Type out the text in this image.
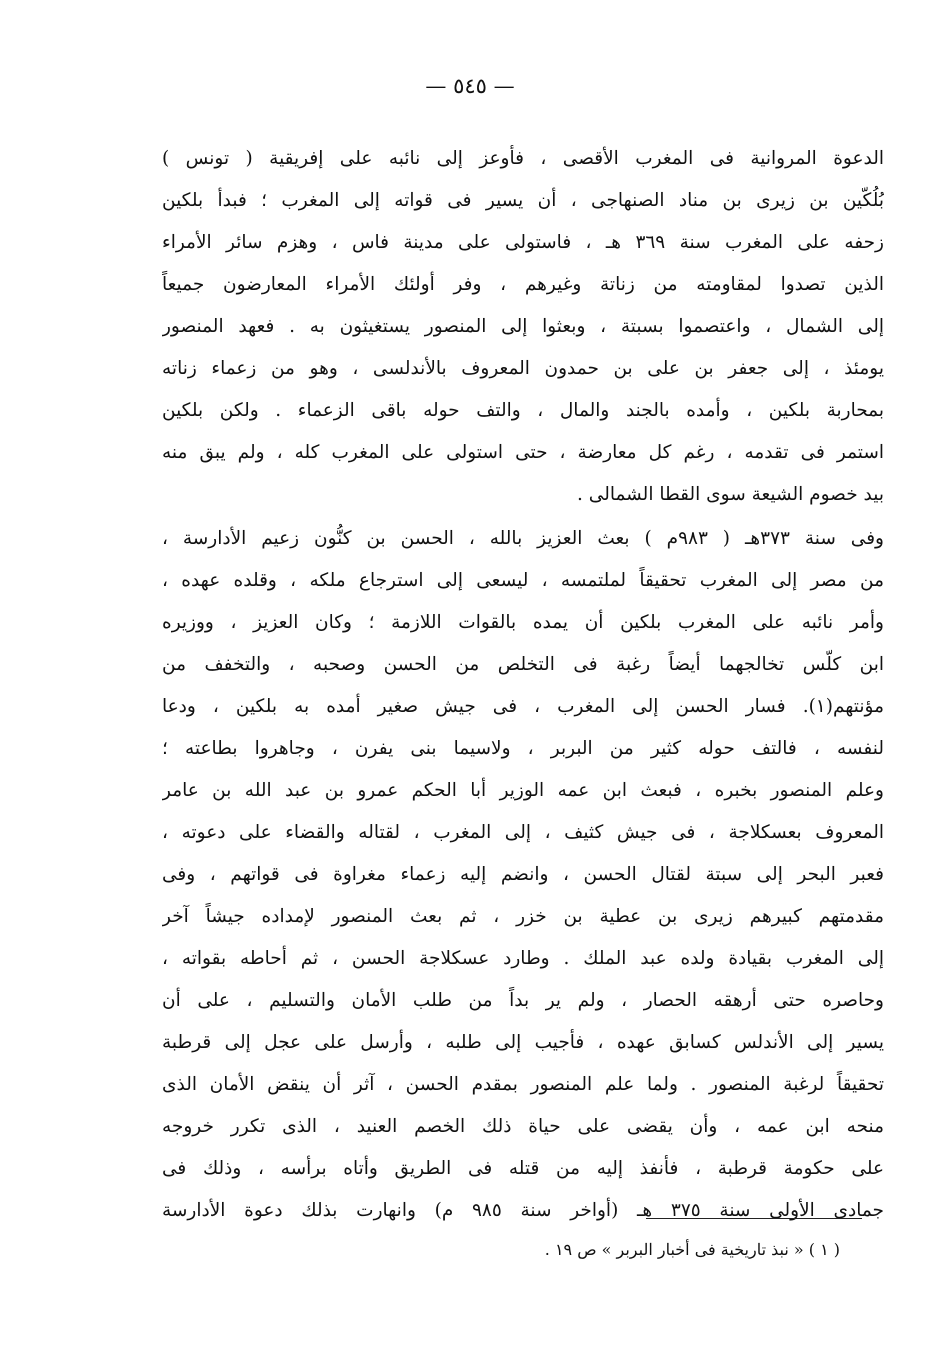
— ٥٤٥ —
الدعوة المروانية فى المغرب الأقصى ، فأوعز إلى نائبه على إفريقية ( تونس )
بُلُكّين بن زيرى بن مناد الصنهاجى ، أن يسير فى قواته إلى المغرب ؛ فبدأ بلكين
زحفه على المغرب سنة ٣٦٩ هـ ، فاستولى على مدينة فاس ، وهزم سائر الأمراء
الذين تصدوا لمقاومته من زناتة وغيرهم ، وفر أولئك الأمراء المعارضون جميعاً
إلى الشمال ، واعتصموا بسبتة ، وبعثوا إلى المنصور يستغيثون به . فعهد المنصور
يومئذ ، إلى جعفر بن على بن حمدون المعروف بالأندلسى ، وهو من زعماء زناته
بمحاربة بلكين ، وأمده بالجند والمال ، والتف حوله باقى الزعماء . ولكن بلكين
استمر فى تقدمه ، رغم كل معارضة ، حتى استولى على المغرب كله ، ولم يبق منه
بيد خصوم الشيعة سوى القطا الشمالى .
وفى سنة ٣٧٣هـ ( ٩٨٣م ) بعث العزيز بالله ، الحسن بن كنُّون زعيم الأدارسة ،
من مصر إلى المغرب تحقيقاً لملتمسه ، ليسعى إلى استرجاع ملكه ، وقلده عهده ،
وأمر نائبه على المغرب بلكين أن يمده بالقوات اللازمة ؛ وكان العزيز ، ووزيره
ابن كلّس تخالجهما أيضاً رغبة فى التخلص من الحسن وصحبه ، والتخفف من
مؤنتهم(١). فسار الحسن إلى المغرب ، فى جيش صغير أمده به بلكين ، ودعا
لنفسه ، فالتف حوله كثير من البربر ، ولاسيما بنى يفرن ، وجاهروا بطاعته ؛
وعلم المنصور بخبره ، فبعث ابن عمه الوزير أبا الحكم عمرو بن عبد الله بن عامر
المعروف بعسكلاجة ، فى جيش كثيف ، إلى المغرب ، لقتاله والقضاء على دعوته ،
فعبر البحر إلى سبتة لقتال الحسن ، وانضم إليه زعماء مغراوة فى قواتهم ، وفى
مقدمتهم كبيرهم زيرى بن عطية بن خزر ، ثم بعث المنصور لإمداده جيشاً آخر
إلى المغرب بقيادة ولده عبد الملك . وطارد عسكلاجة الحسن ، ثم أحاطه بقواته ،
وحاصره حتى أرهقه الحصار ، ولم ير بداً من طلب الأمان والتسليم ، على أن
يسير إلى الأندلس كسابق عهده ، فأجيب إلى طلبه ، وأرسل على عجل إلى قرطبة
تحقيقاً لرغبة المنصور . ولما علم المنصور بمقدم الحسن ، آثر أن ينقض الأمان الذى
منحه ابن عمه ، وأن يقضى على حياة ذلك الخصم العنيد ، الذى تكرر خروجه
على حكومة قرطبة ، فأنفذ إليه من قتله فى الطريق وأتاه برأسه ، وذلك فى
جمادى الأولى سنة ٣٧٥ هـ (أواخر سنة ٩٨٥ م) وانهارت بذلك دعوة الأدارسة
( ١ ) « نبذ تاريخية فى أخبار البربر » ص ١٩ .
